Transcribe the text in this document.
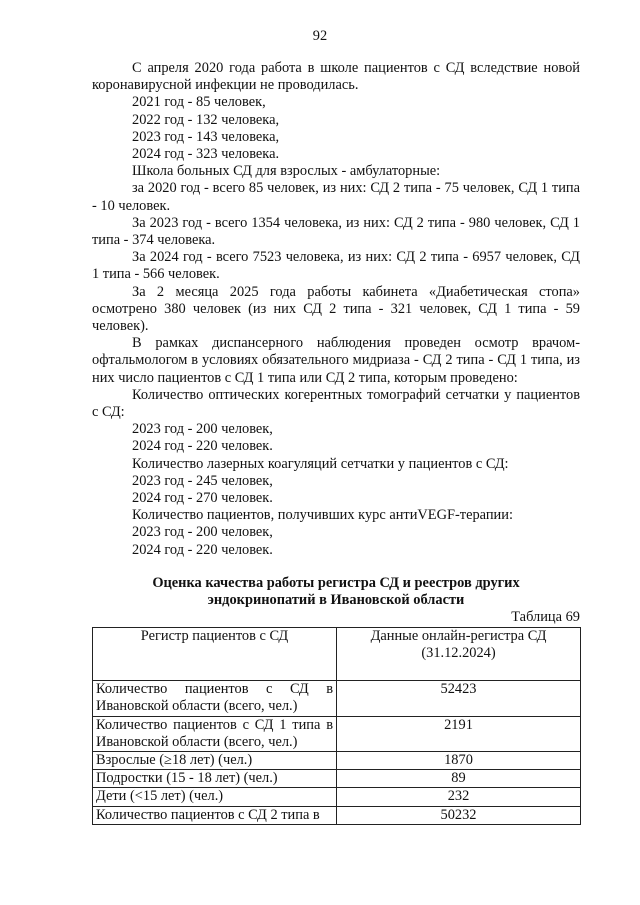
92

С апреля 2020 года работа в школе пациентов с СД вследствие новой коронавирусной инфекции не проводилась.

2021 год - 85 человек,

2022 год - 132 человека,

2023 год - 143 человека,

2024 год - 323 человека.

Школа больных СД для взрослых - амбулаторные:

за 2020 год - всего 85 человек, из них: СД 2 типа - 75 человек, СД 1 типа - 10 человек.

За 2023 год - всего 1354 человека, из них: СД 2 типа - 980 человек, СД 1 типа - 374 человека.

За 2024 год - всего 7523 человека, из них: СД 2 типа - 6957 человек, СД 1 типа - 566 человек.

За 2 месяца 2025 года работы кабинета «Диабетическая стопа» осмотрено 380 человек (из них СД 2 типа - 321 человек, СД 1 типа - 59 человек).

В рамках диспансерного наблюдения проведен осмотр врачом-офтальмологом в условиях обязательного мидриаза - СД 2 типа - СД 1 типа, из них число пациентов с СД 1 типа или СД 2 типа, которым проведено:

Количество оптических когерентных томографий сетчатки у пациентов с СД:

2023 год - 200 человек,

2024 год - 220 человек.

Количество лазерных коагуляций сетчатки у пациентов с СД:

2023 год - 245 человек,

2024 год - 270 человек.

Количество пациентов, получивших курс антиVEGF-терапии:

2023 год - 200 человек,

2024 год - 220 человек.

Оценка качества работы регистра СД и реестров других

эндокринопатий в Ивановской области

Таблица 69

Регистр пациентов с СД	Данные онлайн-регистра СД (31.12.2024)
Количество пациентов с СД в Ивановской области (всего, чел.)	52423
Количество пациентов с СД 1 типа в Ивановской области (всего, чел.)	2191
Взрослые (≥18 лет) (чел.)	1870
Подростки (15 - 18 лет) (чел.)	89
Дети (<15 лет) (чел.)	232
Количество пациентов с СД 2 типа в	50232
